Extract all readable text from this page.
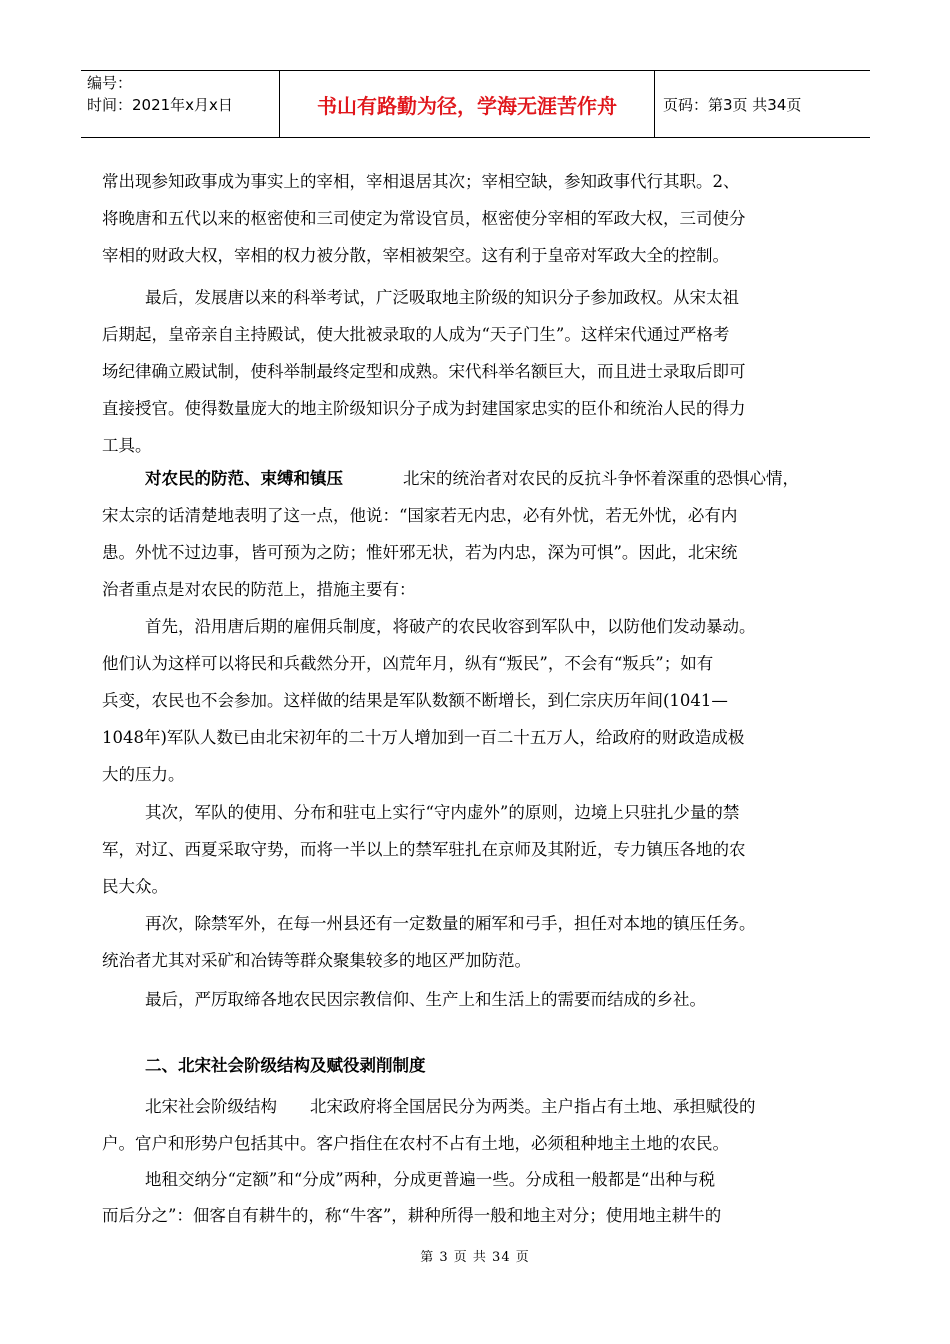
编号：
时间：2021年x月x日	书山有路勤为径，学海无涯苦作舟	页码：第3页 共34页
常出现参知政事成为事实上的宰相，宰相退居其次；宰相空缺，参知政事代行其职。2、
将晚唐和五代以来的枢密使和三司使定为常设官员，枢密使分宰相的军政大权，三司使分
宰相的财政大权，宰相的权力被分散，宰相被架空。这有利于皇帝对军政大全的控制。
最后，发展唐以来的科举考试，广泛吸取地主阶级的知识分子参加政权。从宋太祖
后期起，皇帝亲自主持殿试，使大批被录取的人成为“天子门生”。这样宋代通过严格考
场纪律确立殿试制，使科举制最终定型和成熟。宋代科举名额巨大，而且进士录取后即可
直接授官。使得数量庞大的地主阶级知识分子成为封建国家忠实的臣仆和统治人民的得力
工具。
对农民的防范、束缚和镇压	北宋的统治者对农民的反抗斗争怀着深重的恐惧心情，
宋太宗的话清楚地表明了这一点，他说：“国家若无内忠，必有外忧，若无外忧，必有内
患。外忧不过边事，皆可预为之防；惟奸邪无状，若为内忠，深为可惧”。因此，北宋统
治者重点是对农民的防范上，措施主要有：
首先，沿用唐后期的雇佣兵制度，将破产的农民收容到军队中，以防他们发动暴动。
他们认为这样可以将民和兵截然分开，凶荒年月，纵有“叛民”，不会有“叛兵”；如有
兵变，农民也不会参加。这样做的结果是军队数额不断增长，到仁宗庆历年间(1041—
1048年)军队人数已由北宋初年的二十万人增加到一百二十五万人，给政府的财政造成极
大的压力。
其次，军队的使用、分布和驻屯上实行“守内虚外”的原则，边境上只驻扎少量的禁
军，对辽、西夏采取守势，而将一半以上的禁军驻扎在京师及其附近，专力镇压各地的农
民大众。
再次，除禁军外，在每一州县还有一定数量的厢军和弓手，担任对本地的镇压任务。
统治者尤其对采矿和冶铸等群众聚集较多的地区严加防范。
最后，严厉取缔各地农民因宗教信仰、生产上和生活上的需要而结成的乡社。
二、北宋社会阶级结构及赋役剥削制度
北宋社会阶级结构　　北宋政府将全国居民分为两类。主户指占有土地、承担赋役的
户。官户和形势户包括其中。客户指住在农村不占有土地，必须租种地主土地的农民。
地租交纳分“定额”和“分成”两种，分成更普遍一些。分成租一般都是“出种与税
而后分之”：佃客自有耕牛的，称“牛客”，耕种所得一般和地主对分；使用地主耕牛的
第 3 页 共 34 页
